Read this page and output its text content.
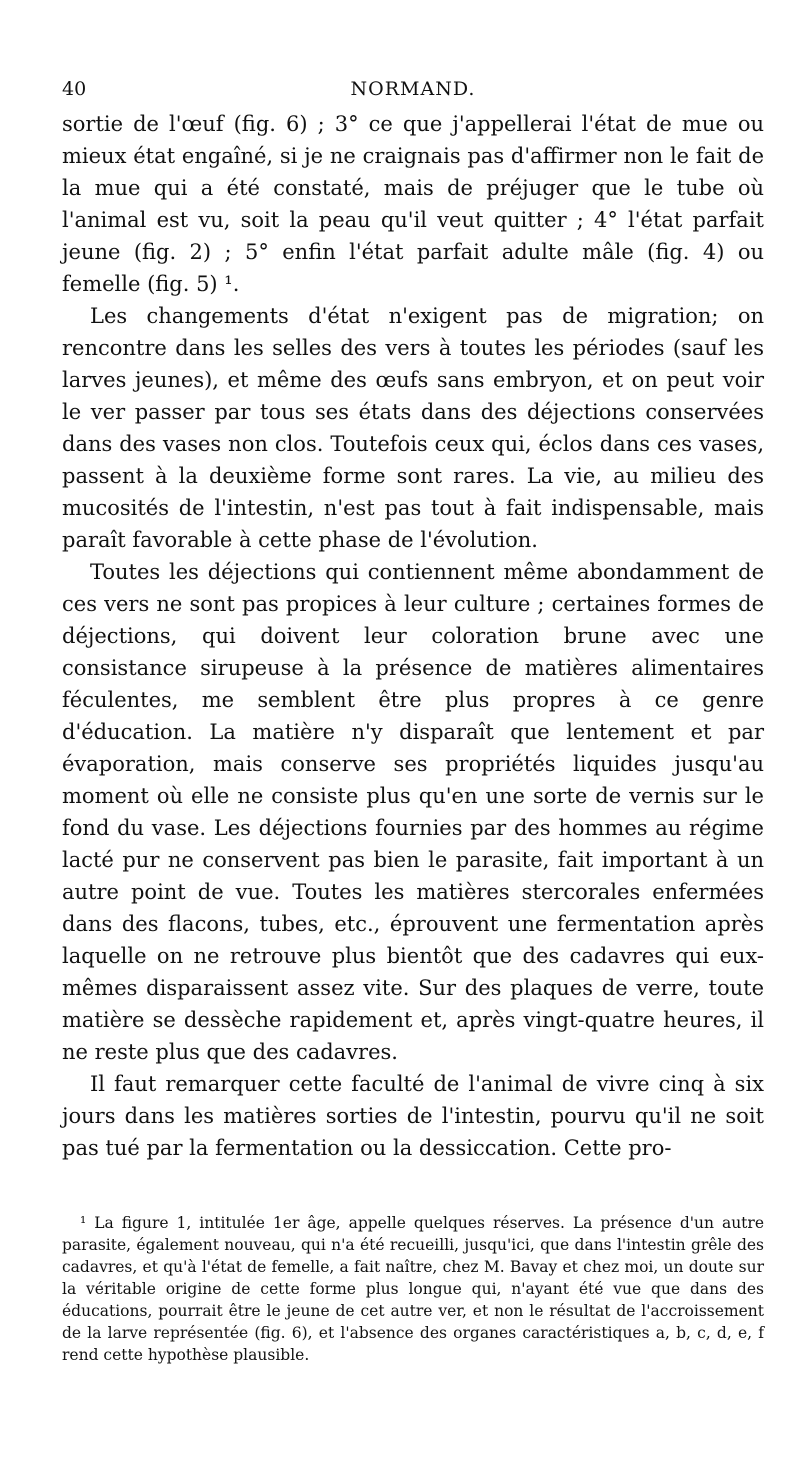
40	NORMAND.

sortie de l'œuf (fig. 6) ; 3° ce que j'appellerai l'état de mue ou mieux état engaîné, si je ne craignais pas d'affirmer non le fait de la mue qui a été constaté, mais de préjuger que le tube où l'animal est vu, soit la peau qu'il veut quitter ; 4° l'état parfait jeune (fig. 2) ; 5° enfin l'état parfait adulte mâle (fig. 4) ou femelle (fig. 5) ¹.

Les changements d'état n'exigent pas de migration; on rencontre dans les selles des vers à toutes les périodes (sauf les larves jeunes), et même des œufs sans embryon, et on peut voir le ver passer par tous ses états dans des déjections conservées dans des vases non clos. Toutefois ceux qui, éclos dans ces vases, passent à la deuxième forme sont rares. La vie, au milieu des mucosités de l'intestin, n'est pas tout à fait indispensable, mais paraît favorable à cette phase de l'évolution.

Toutes les déjections qui contiennent même abondamment de ces vers ne sont pas propices à leur culture ; certaines formes de déjections, qui doivent leur coloration brune avec une consistance sirupeuse à la présence de matières alimentaires féculentes, me semblent être plus propres à ce genre d'éducation. La matière n'y disparaît que lentement et par évaporation, mais conserve ses propriétés liquides jusqu'au moment où elle ne consiste plus qu'en une sorte de vernis sur le fond du vase. Les déjections fournies par des hommes au régime lacté pur ne conservent pas bien le parasite, fait important à un autre point de vue. Toutes les matières stercorales enfermées dans des flacons, tubes, etc., éprouvent une fermentation après laquelle on ne retrouve plus bientôt que des cadavres qui eux-mêmes disparaissent assez vite. Sur des plaques de verre, toute matière se dessèche rapidement et, après vingt-quatre heures, il ne reste plus que des cadavres.

Il faut remarquer cette faculté de l'animal de vivre cinq à six jours dans les matières sorties de l'intestin, pourvu qu'il ne soit pas tué par la fermentation ou la dessiccation. Cette pro-

¹ La figure 1, intitulée 1er âge, appelle quelques réserves. La présence d'un autre parasite, également nouveau, qui n'a été recueilli, jusqu'ici, que dans l'intestin grêle des cadavres, et qu'à l'état de femelle, a fait naître, chez M. Bavay et chez moi, un doute sur la véritable origine de cette forme plus longue qui, n'ayant été vue que dans des éducations, pourrait être le jeune de cet autre ver, et non le résultat de l'accroissement de la larve représentée (fig. 6), et l'absence des organes caractéristiques a, b, c, d, e, f rend cette hypothèse plausible.
